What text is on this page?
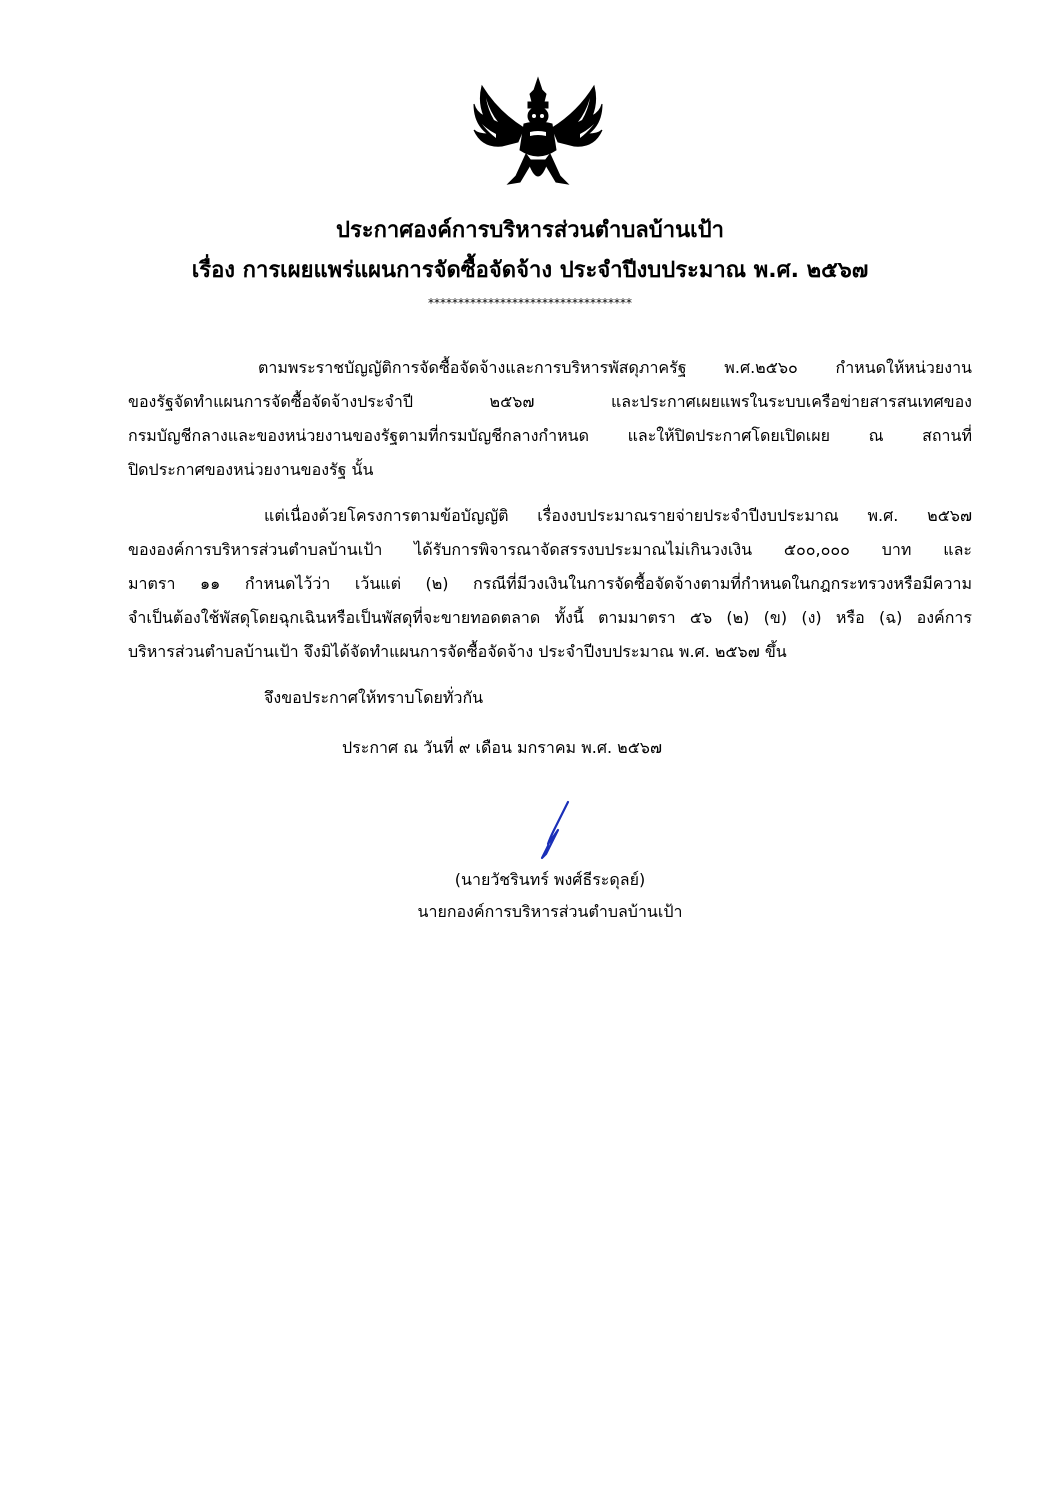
ประกาศองค์การบริหารส่วนตำบลบ้านเป้า
เรื่อง การเผยแพร่แผนการจัดซื้อจัดจ้าง ประจำปีงบประมาณ พ.ศ. ๒๕๖๗
**********************************
ตามพระราชบัญญัติการจัดซื้อจัดจ้างและการบริหารพัสดุภาครัฐ พ.ศ.๒๕๖๐ กำหนดให้หน่วยงาน
ของรัฐจัดทำแผนการจัดซื้อจัดจ้างประจำปี ๒๕๖๗ และประกาศเผยแพรในระบบเครือข่ายสารสนเทศของ
กรมบัญชีกลางและของหน่วยงานของรัฐตามที่กรมบัญชีกลางกำหนด และให้ปิดประกาศโดยเปิดเผย ณ สถานที่
ปิดประกาศของหน่วยงานของรัฐ นั้น
แต่เนื่องด้วยโครงการตามข้อบัญญัติ เรื่องงบประมาณรายจ่ายประจำปีงบประมาณ พ.ศ. ๒๕๖๗
ขององค์การบริหารส่วนตำบลบ้านเป้า ได้รับการพิจารณาจัดสรรงบประมาณไม่เกินวงเงิน ๕๐๐,๐๐๐ บาท และ
มาตรา ๑๑ กำหนดไว้ว่า เว้นแต่ (๒) กรณีที่มีวงเงินในการจัดซื้อจัดจ้างตามที่กำหนดในกฎกระทรวงหรือมีความ
จำเป็นต้องใช้พัสดุโดยฉุกเฉินหรือเป็นพัสดุที่จะขายทอดตลาด ทั้งนี้ ตามมาตรา ๕๖ (๒) (ข) (ง) หรือ (ฉ) องค์การ
บริหารส่วนตำบลบ้านเป้า จึงมิได้จัดทำแผนการจัดซื้อจัดจ้าง ประจำปีงบประมาณ พ.ศ. ๒๕๖๗ ขึ้น
จึงขอประกาศให้ทราบโดยทั่วกัน
ประกาศ ณ วันที่ ๙ เดือน มกราคม พ.ศ. ๒๕๖๗
(นายวัชรินทร์ พงศ์ธีระดุลย์)
นายกองค์การบริหารส่วนตำบลบ้านเป้า
